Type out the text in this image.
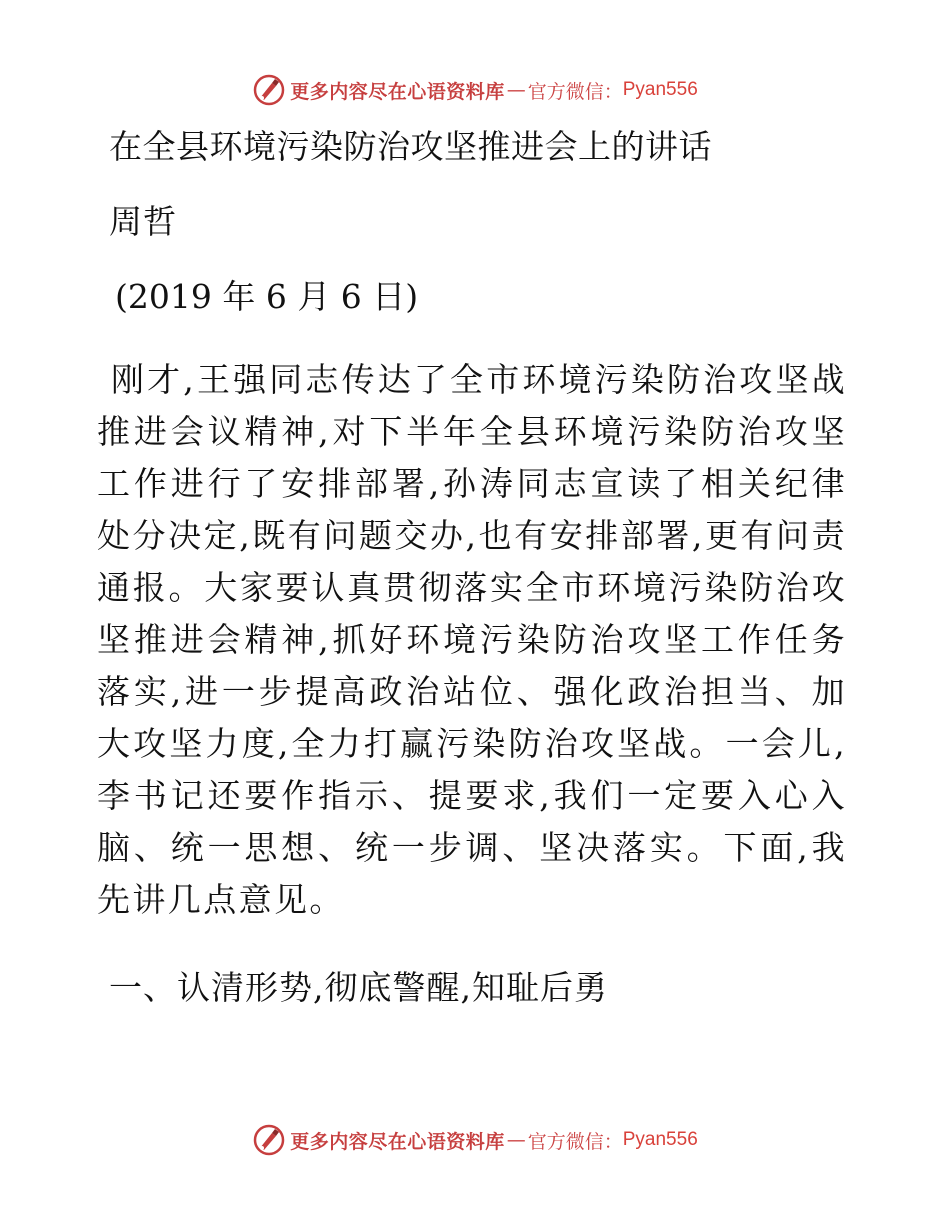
更多内容尽在心语资料库 — 官方微信： Pyan556

在全县环境污染防治攻坚推进会上的讲话

周哲

(2019 年 6 月 6 日)

刚才,王强同志传达了全市环境污染防治攻坚战推进会议精神,对下半年全县环境污染防治攻坚工作进行了安排部署,孙涛同志宣读了相关纪律处分决定,既有问题交办,也有安排部署,更有问责通报。大家要认真贯彻落实全市环境污染防治攻坚推进会精神,抓好环境污染防治攻坚工作任务落实,进一步提高政治站位、强化政治担当、加大攻坚力度,全力打赢污染防治攻坚战。一会儿,李书记还要作指示、提要求,我们一定要入心入脑、统一思想、统一步调、坚决落实。下面,我先讲几点意见。

一、认清形势,彻底警醒,知耻后勇

更多内容尽在心语资料库 — 官方微信： Pyan556
